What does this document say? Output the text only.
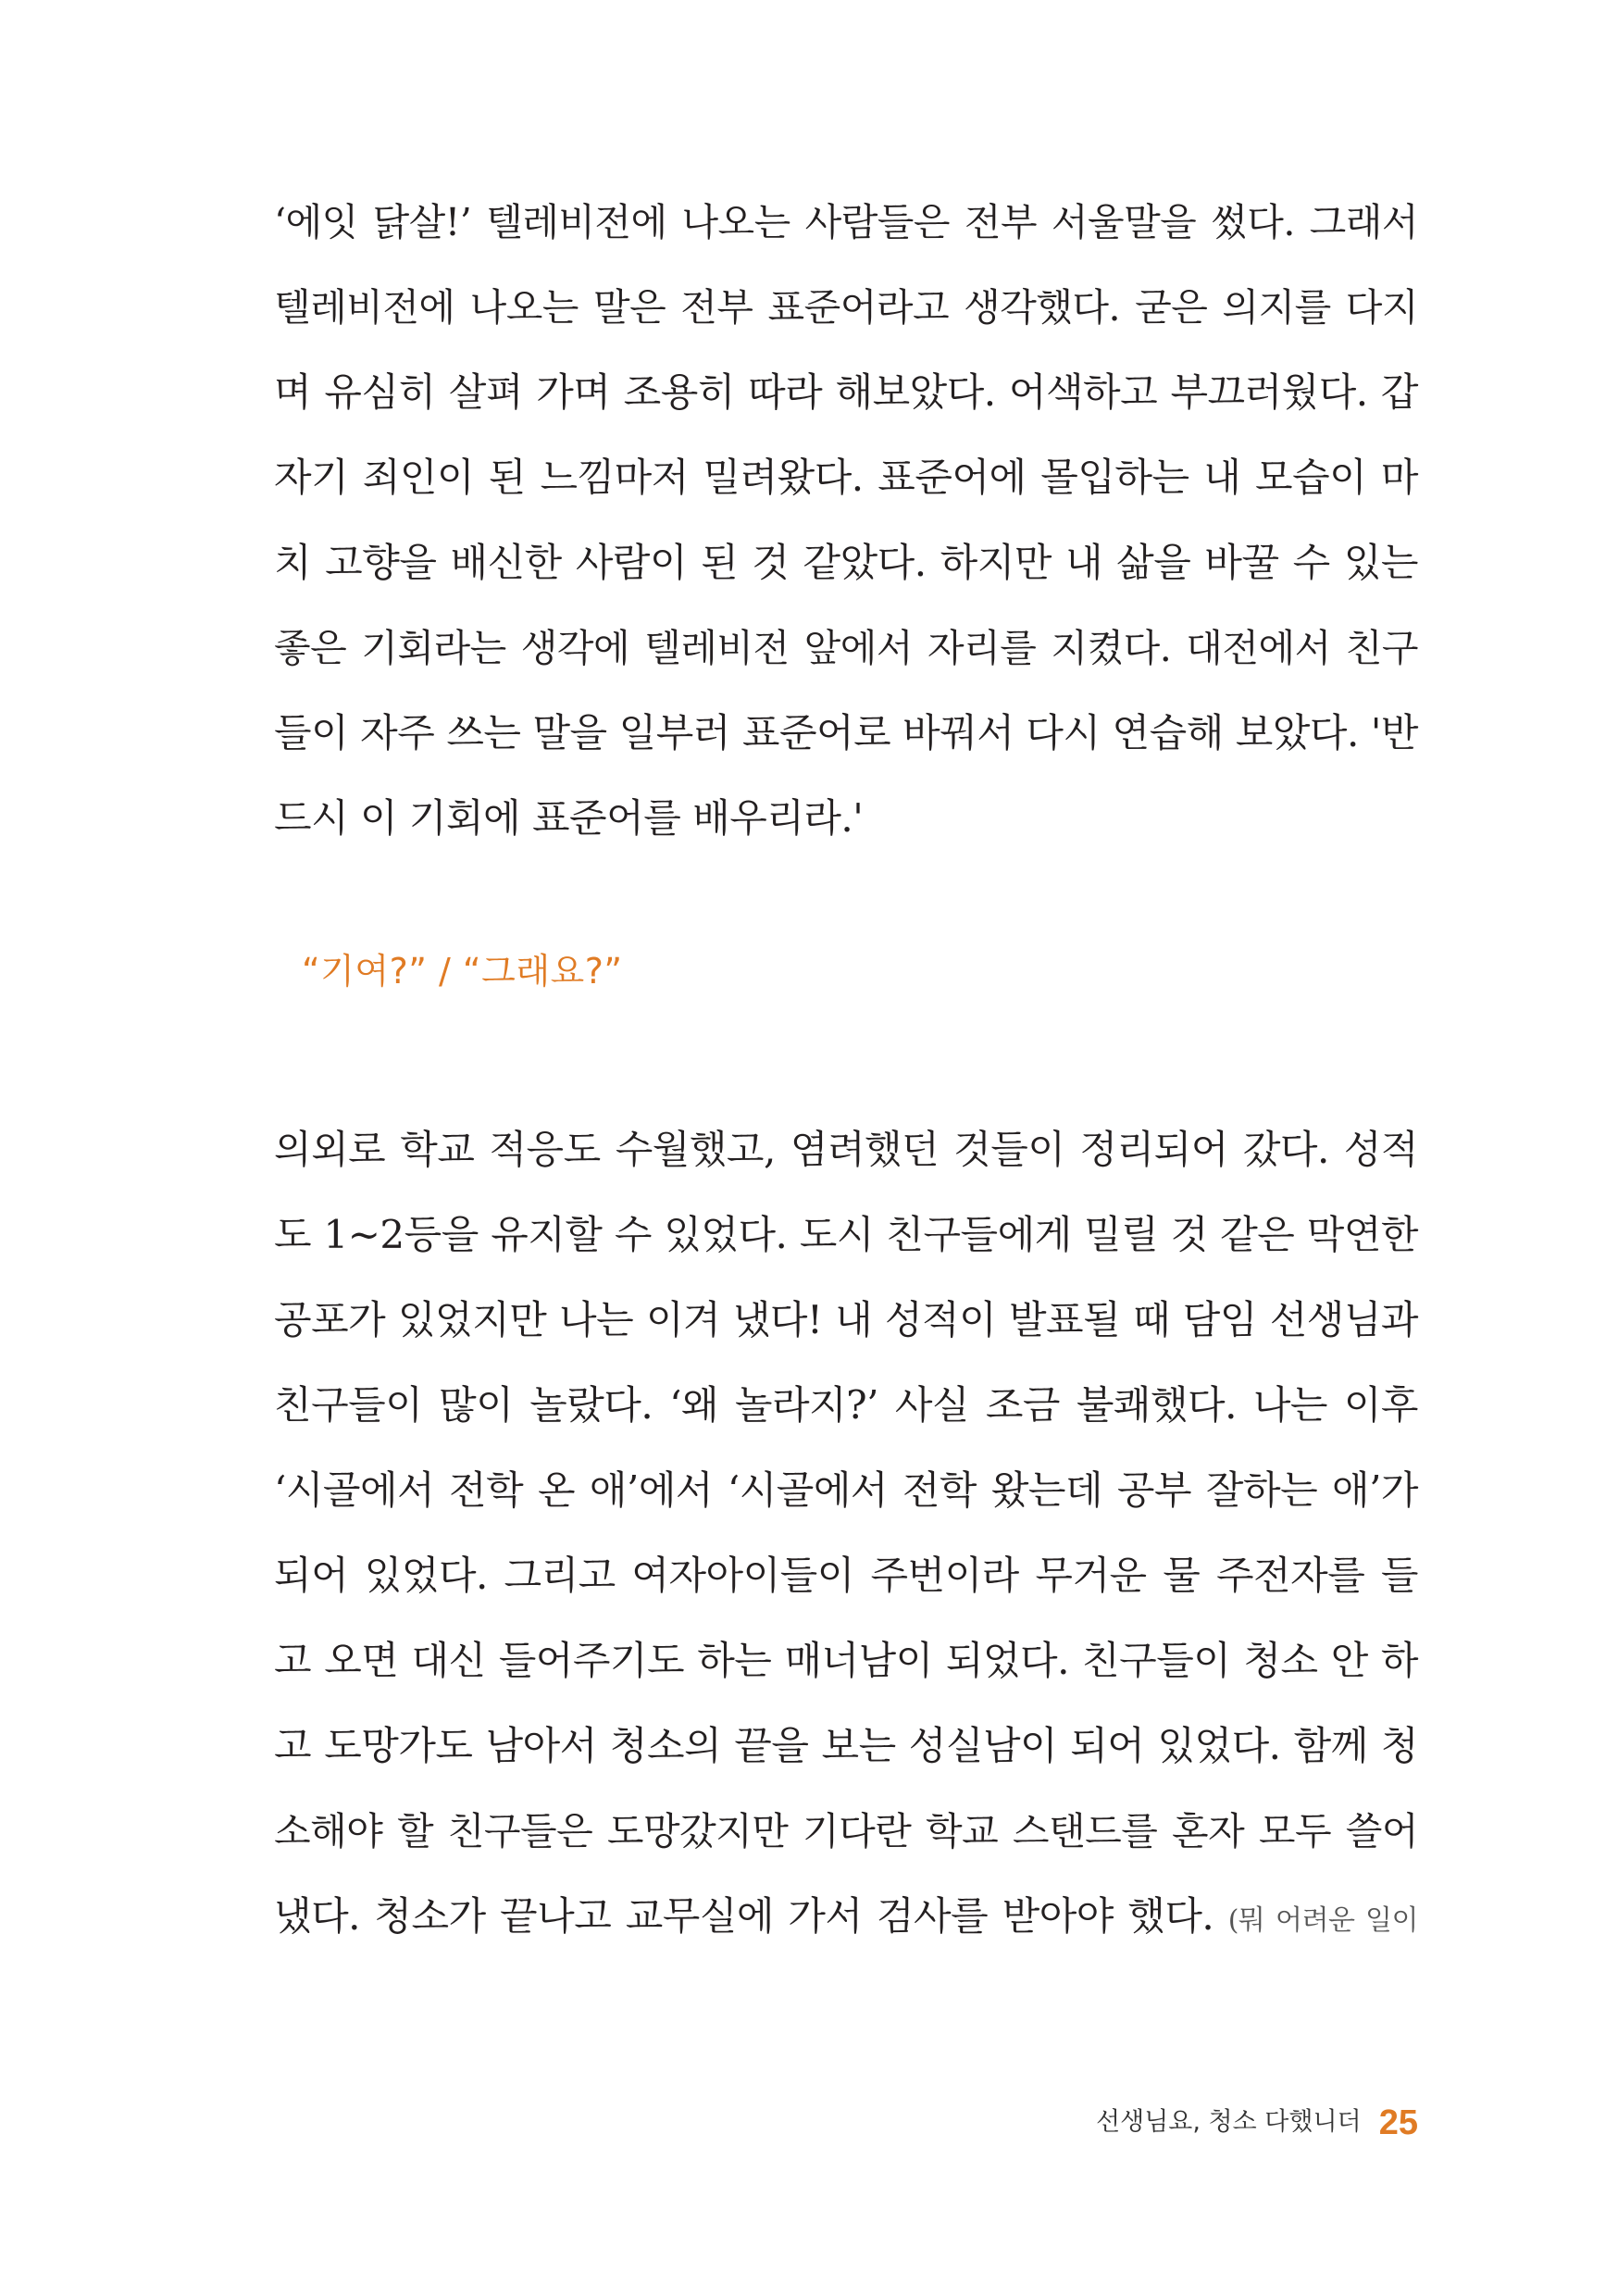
‘에잇 닭살!’ 텔레비전에 나오는 사람들은 전부 서울말을 썼다. 그래서
텔레비전에 나오는 말은 전부 표준어라고 생각했다. 굳은 의지를 다지
며 유심히 살펴 가며 조용히 따라 해보았다. 어색하고 부끄러웠다. 갑
자기 죄인이 된 느낌마저 밀려왔다. 표준어에 몰입하는 내 모습이 마
치 고향을 배신한 사람이 된 것 같았다. 하지만 내 삶을 바꿀 수 있는
좋은 기회라는 생각에 텔레비전 앞에서 자리를 지켰다. 대전에서 친구
들이 자주 쓰는 말을 일부러 표준어로 바꿔서 다시 연습해 보았다. '반
드시 이 기회에 표준어를 배우리라.'
“기여?” / “그래요?”
의외로 학교 적응도 수월했고, 염려했던 것들이 정리되어 갔다. 성적
도 1~2등을 유지할 수 있었다. 도시 친구들에게 밀릴 것 같은 막연한
공포가 있었지만 나는 이겨 냈다! 내 성적이 발표될 때 담임 선생님과
친구들이 많이 놀랐다. ‘왜 놀라지?’ 사실 조금 불쾌했다. 나는 이후
‘시골에서 전학 온 애’에서 ‘시골에서 전학 왔는데 공부 잘하는 애’가
되어 있었다. 그리고 여자아이들이 주번이라 무거운 물 주전자를 들
고 오면 대신 들어주기도 하는 매너남이 되었다. 친구들이 청소 안 하
고 도망가도 남아서 청소의 끝을 보는 성실남이 되어 있었다. 함께 청
소해야 할 친구들은 도망갔지만 기다란 학교 스탠드를 혼자 모두 쓸어
냈다. 청소가 끝나고 교무실에 가서 검사를 받아야 했다. (뭐 어려운 일이
선생님요, 청소 다했니더 25
